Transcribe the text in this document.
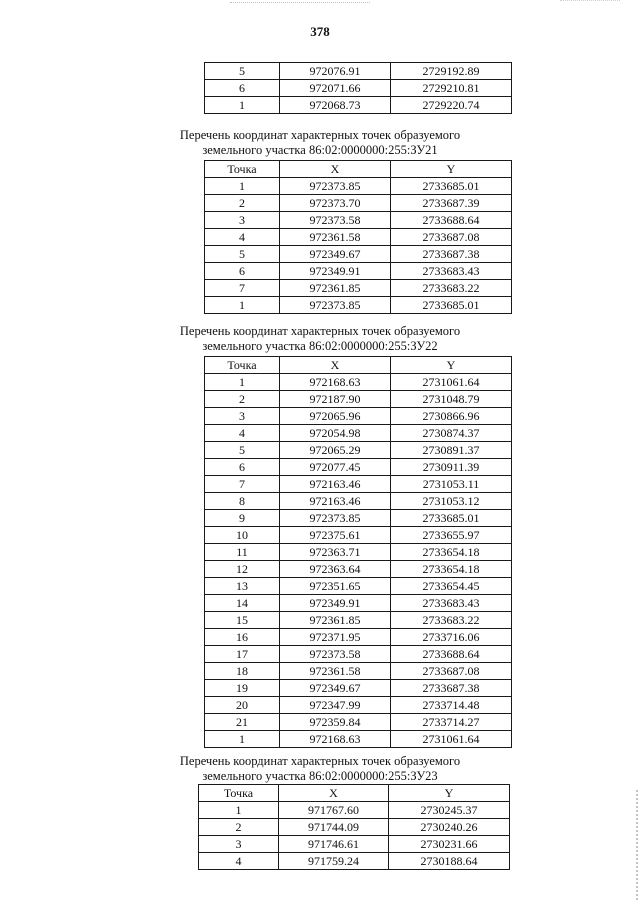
378
5	972076.91	2729192.89
6	972071.66	2729210.81
1	972068.73	2729220.74
Перечень координат характерных точек образуемого
земельного участка 86:02:0000000:255:ЗУ21
Точка	X	Y
1	972373.85	2733685.01
2	972373.70	2733687.39
3	972373.58	2733688.64
4	972361.58	2733687.08
5	972349.67	2733687.38
6	972349.91	2733683.43
7	972361.85	2733683.22
1	972373.85	2733685.01
Перечень координат характерных точек образуемого
земельного участка 86:02:0000000:255:ЗУ22
Точка	X	Y
1	972168.63	2731061.64
2	972187.90	2731048.79
3	972065.96	2730866.96
4	972054.98	2730874.37
5	972065.29	2730891.37
6	972077.45	2730911.39
7	972163.46	2731053.11
8	972163.46	2731053.12
9	972373.85	2733685.01
10	972375.61	2733655.97
11	972363.71	2733654.18
12	972363.64	2733654.18
13	972351.65	2733654.45
14	972349.91	2733683.43
15	972361.85	2733683.22
16	972371.95	2733716.06
17	972373.58	2733688.64
18	972361.58	2733687.08
19	972349.67	2733687.38
20	972347.99	2733714.48
21	972359.84	2733714.27
1	972168.63	2731061.64
Перечень координат характерных точек образуемого
земельного участка 86:02:0000000:255:ЗУ23
Точка	X	Y
1	971767.60	2730245.37
2	971744.09	2730240.26
3	971746.61	2730231.66
4	971759.24	2730188.64
